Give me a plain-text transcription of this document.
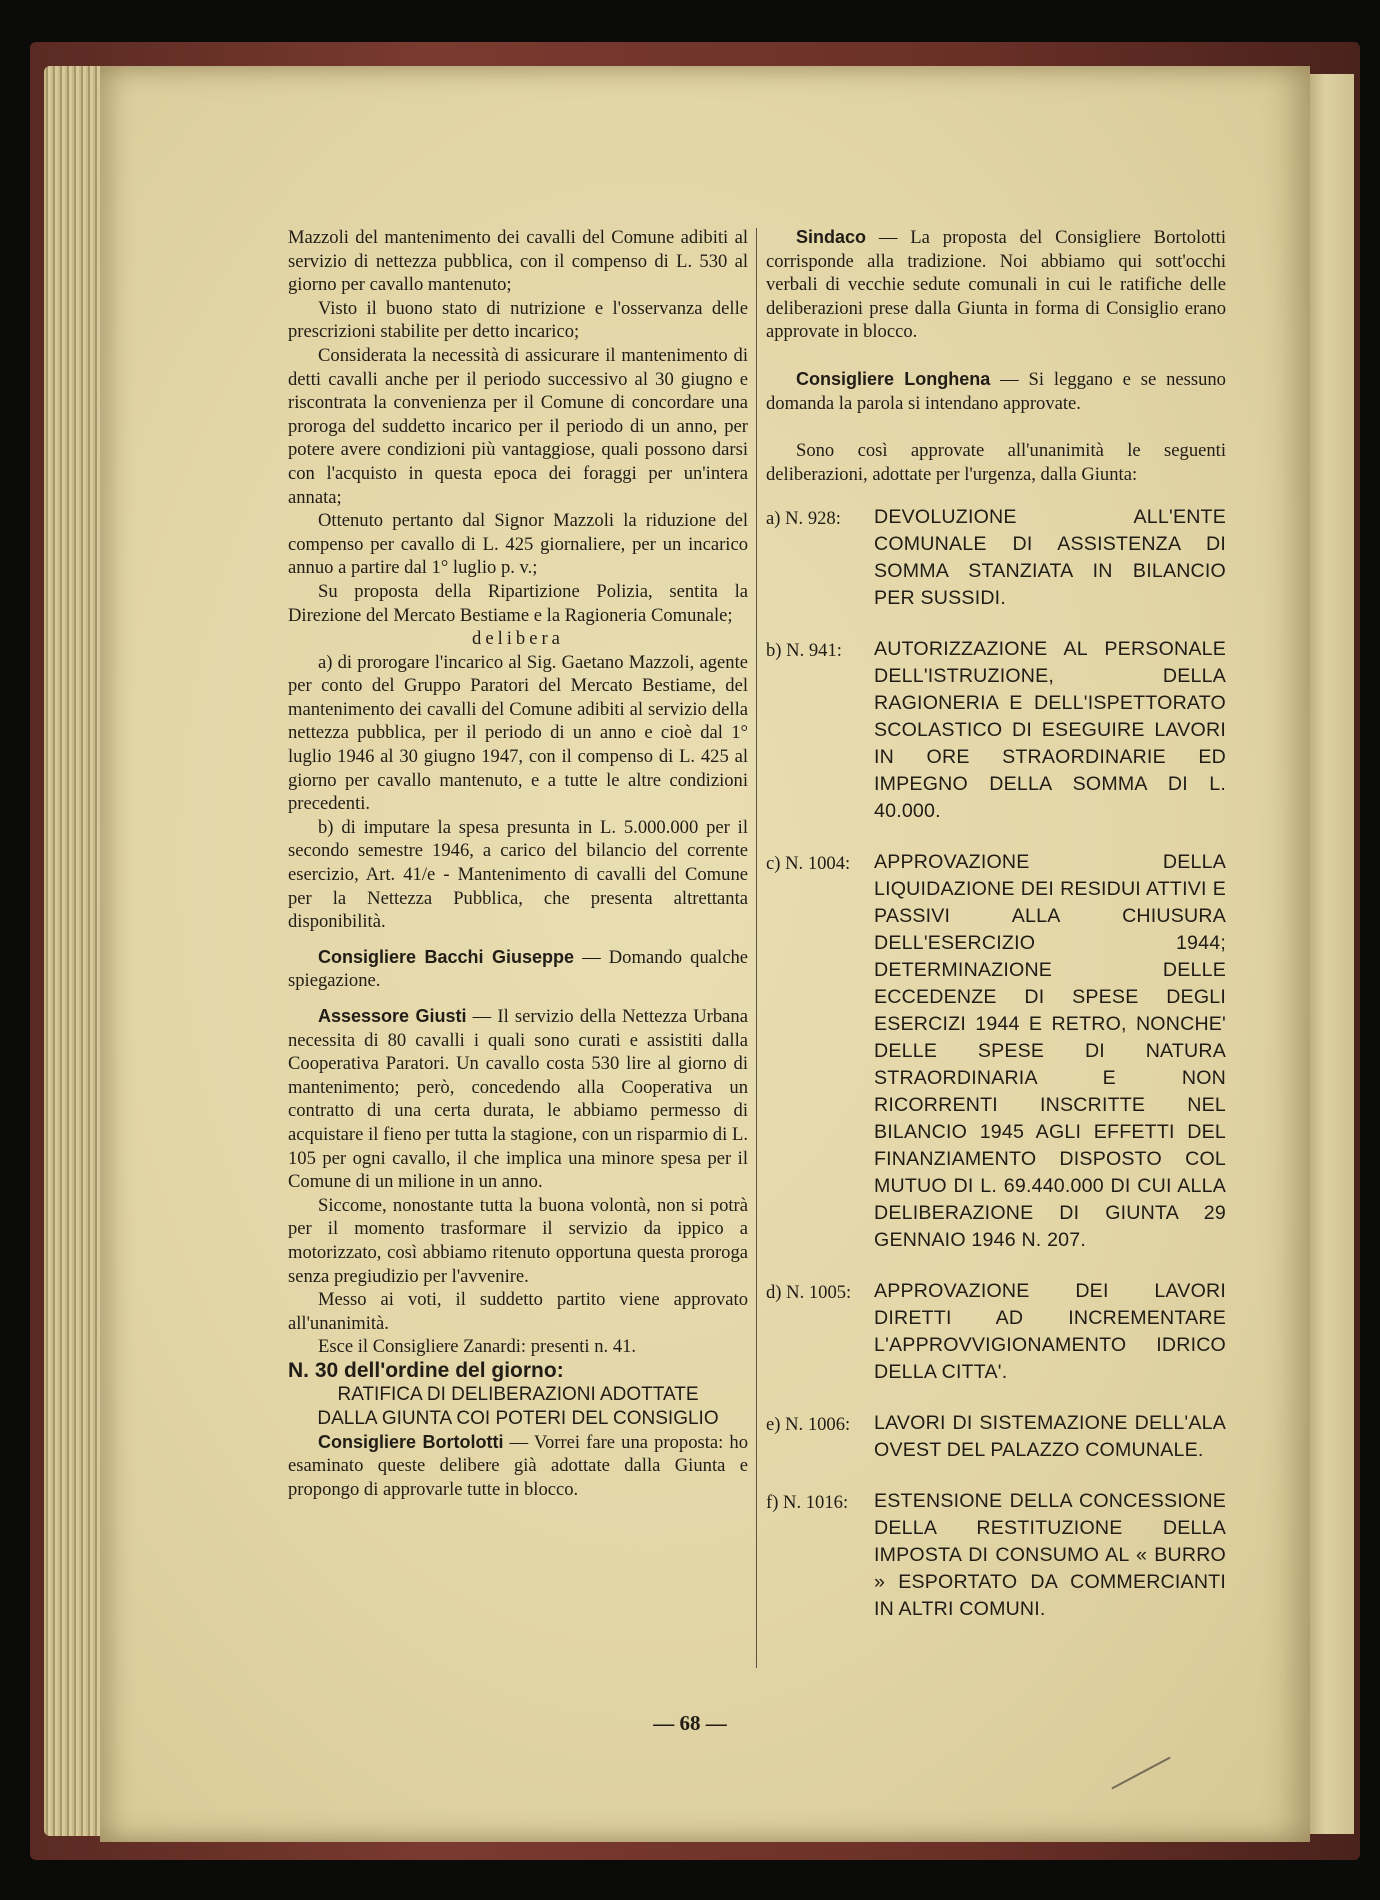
Mazzoli del mantenimento dei cavalli del Comune adibiti al servizio di nettezza pubblica, con il compenso di L. 530 al giorno per cavallo mantenuto;

Visto il buono stato di nutrizione e l'osservanza delle prescrizioni stabilite per detto incarico;

Considerata la necessità di assicurare il mantenimento di detti cavalli anche per il periodo successivo al 30 giugno e riscontrata la convenienza per il Comune di concordare una proroga del suddetto incarico per il periodo di un anno, per potere avere condizioni più vantaggiose, quali possono darsi con l'acquisto in questa epoca dei foraggi per un'intera annata;

Ottenuto pertanto dal Signor Mazzoli la riduzione del compenso per cavallo di L. 425 giornaliere, per un incarico annuo a partire dal 1° luglio p. v.;

Su proposta della Ripartizione Polizia, sentita la Direzione del Mercato Bestiame e la Ragioneria Comunale;

delibera

a) di prorogare l'incarico al Sig. Gaetano Mazzoli, agente per conto del Gruppo Paratori del Mercato Bestiame, del mantenimento dei cavalli del Comune adibiti al servizio della nettezza pubblica, per il periodo di un anno e cioè dal 1° luglio 1946 al 30 giugno 1947, con il compenso di L. 425 al giorno per cavallo mantenuto, e a tutte le altre condizioni precedenti.

b) di imputare la spesa presunta in L. 5.000.000 per il secondo semestre 1946, a carico del bilancio del corrente esercizio, Art. 41/e - Mantenimento di cavalli del Comune per la Nettezza Pubblica, che presenta altrettanta disponibilità.

Consigliere Bacchi Giuseppe — Domando qualche spiegazione.

Assessore Giusti — Il servizio della Nettezza Urbana necessita di 80 cavalli i quali sono curati e assistiti dalla Cooperativa Paratori. Un cavallo costa 530 lire al giorno di mantenimento; però, concedendo alla Cooperativa un contratto di una certa durata, le abbiamo permesso di acquistare il fieno per tutta la stagione, con un risparmio di L. 105 per ogni cavallo, il che implica una minore spesa per il Comune di un milione in un anno.

Siccome, nonostante tutta la buona volontà, non si potrà per il momento trasformare il servizio da ippico a motorizzato, così abbiamo ritenuto opportuna questa proroga senza pregiudizio per l'avvenire.

Messo ai voti, il suddetto partito viene approvato all'unanimità.

Esce il Consigliere Zanardi: presenti n. 41.

N. 30 dell'ordine del giorno:

RATIFICA DI DELIBERAZIONI ADOTTATE DALLA GIUNTA COI POTERI DEL CONSIGLIO

Consigliere Bortolotti — Vorrei fare una proposta: ho esaminato queste delibere già adottate dalla Giunta e propongo di approvarle tutte in blocco.

Sindaco — La proposta del Consigliere Bortolotti corrisponde alla tradizione. Noi abbiamo qui sott'occhi verbali di vecchie sedute comunali in cui le ratifiche delle deliberazioni prese dalla Giunta in forma di Consiglio erano approvate in blocco.

Consigliere Longhena — Si leggano e se nessuno domanda la parola si intendano approvate.

Sono così approvate all'unanimità le seguenti deliberazioni, adottate per l'urgenza, dalla Giunta:

a) N. 928:	DEVOLUZIONE ALL'ENTE COMUNALE DI ASSISTENZA DI SOMMA STANZIATA IN BILANCIO PER SUSSIDI.
b) N. 941:	AUTORIZZAZIONE AL PERSONALE DELL'ISTRUZIONE, DELLA RAGIONERIA E DELL'ISPETTORATO SCOLASTICO DI ESEGUIRE LAVORI IN ORE STRAORDINARIE ED IMPEGNO DELLA SOMMA DI L. 40.000.
c) N. 1004:	APPROVAZIONE DELLA LIQUIDAZIONE DEI RESIDUI ATTIVI E PASSIVI ALLA CHIUSURA DELL'ESERCIZIO 1944; DETERMINAZIONE DELLE ECCEDENZE DI SPESE DEGLI ESERCIZI 1944 E RETRO, NONCHE' DELLE SPESE DI NATURA STRAORDINARIA E NON RICORRENTI INSCRITTE NEL BILANCIO 1945 AGLI EFFETTI DEL FINANZIAMENTO DISPOSTO COL MUTUO DI L. 69.440.000 DI CUI ALLA DELIBERAZIONE DI GIUNTA 29 GENNAIO 1946 N. 207.
d) N. 1005:	APPROVAZIONE DEI LAVORI DIRETTI AD INCREMENTARE L'APPROVVIGIONAMENTO IDRICO DELLA CITTA'.
e) N. 1006:	LAVORI DI SISTEMAZIONE DELL'ALA OVEST DEL PALAZZO COMUNALE.
f) N. 1016:	ESTENSIONE DELLA CONCESSIONE DELLA RESTITUZIONE DELLA IMPOSTA DI CONSUMO AL « BURRO » ESPORTATO DA COMMERCIANTI IN ALTRI COMUNI.
— 68 —
